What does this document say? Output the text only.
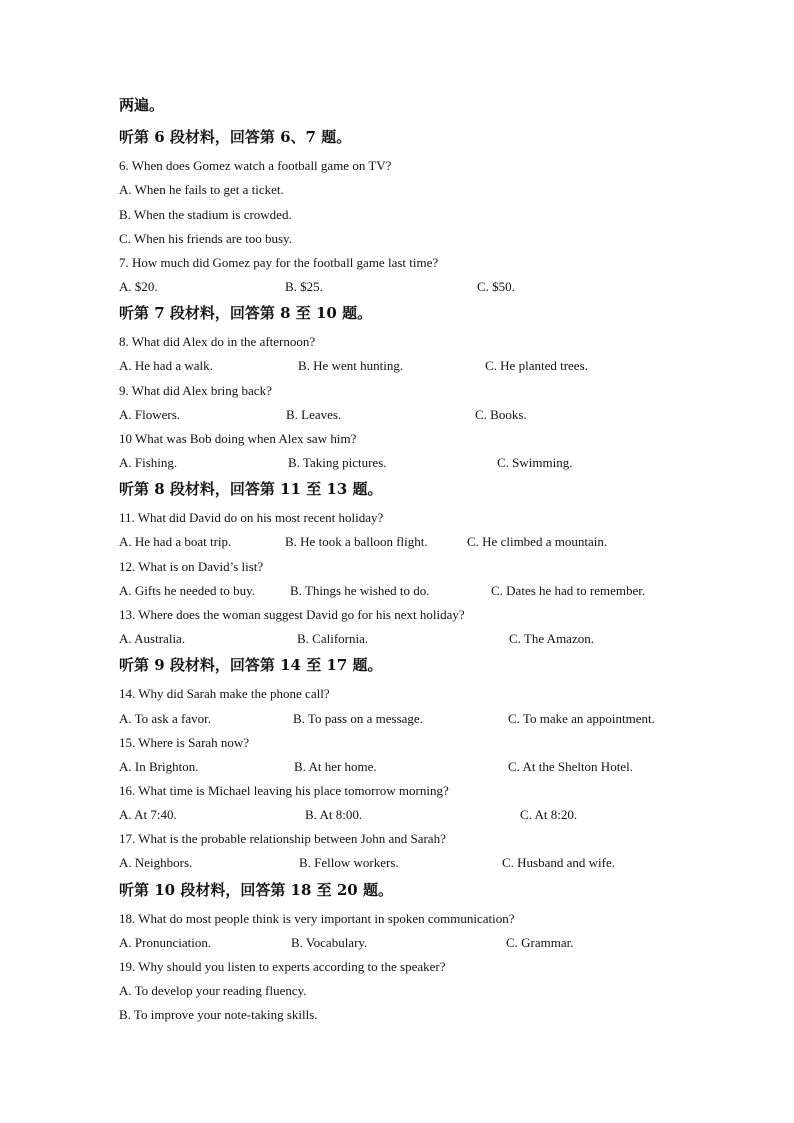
两遍。
听第 6 段材料，回答第 6、7 题。
6. When does Gomez watch a football game on TV?
A. When he fails to get a ticket.
B. When the stadium is crowded.
C. When his friends are too busy.
7. How much did Gomez pay for the football game last time?
A. $20.	B. $25.	C. $50.
听第 7 段材料，回答第 8 至 10 题。
8. What did Alex do in the afternoon?
A. He had a walk.	B. He went hunting.	C. He planted trees.
9. What did Alex bring back?
A. Flowers.	B. Leaves.	C. Books.
10 What was Bob doing when Alex saw him?
A. Fishing.	B. Taking pictures.	C. Swimming.
听第 8 段材料，回答第 11 至 13 题。
11. What did David do on his most recent holiday?
A. He had a boat trip.	B. He took a balloon flight.	C. He climbed a mountain.
12. What is on David’s list?
A. Gifts he needed to buy.	B. Things he wished to do.	C. Dates he had to remember.
13. Where does the woman suggest David go for his next holiday?
A. Australia.	B. California.	C. The Amazon.
听第 9 段材料，回答第 14 至 17 题。
14. Why did Sarah make the phone call?
A. To ask a favor.	B. To pass on a message.	C. To make an appointment.
15. Where is Sarah now?
A. In Brighton.	B. At her home.	C. At the Shelton Hotel.
16. What time is Michael leaving his place tomorrow morning?
A. At 7:40.	B. At 8:00.	C. At 8:20.
17. What is the probable relationship between John and Sarah?
A. Neighbors.	B. Fellow workers.	C. Husband and wife.
听第 10 段材料，回答第 18 至 20 题。
18. What do most people think is very important in spoken communication?
A. Pronunciation.	B. Vocabulary.	C. Grammar.
19. Why should you listen to experts according to the speaker?
A. To develop your reading fluency.
B. To improve your note-taking skills.
